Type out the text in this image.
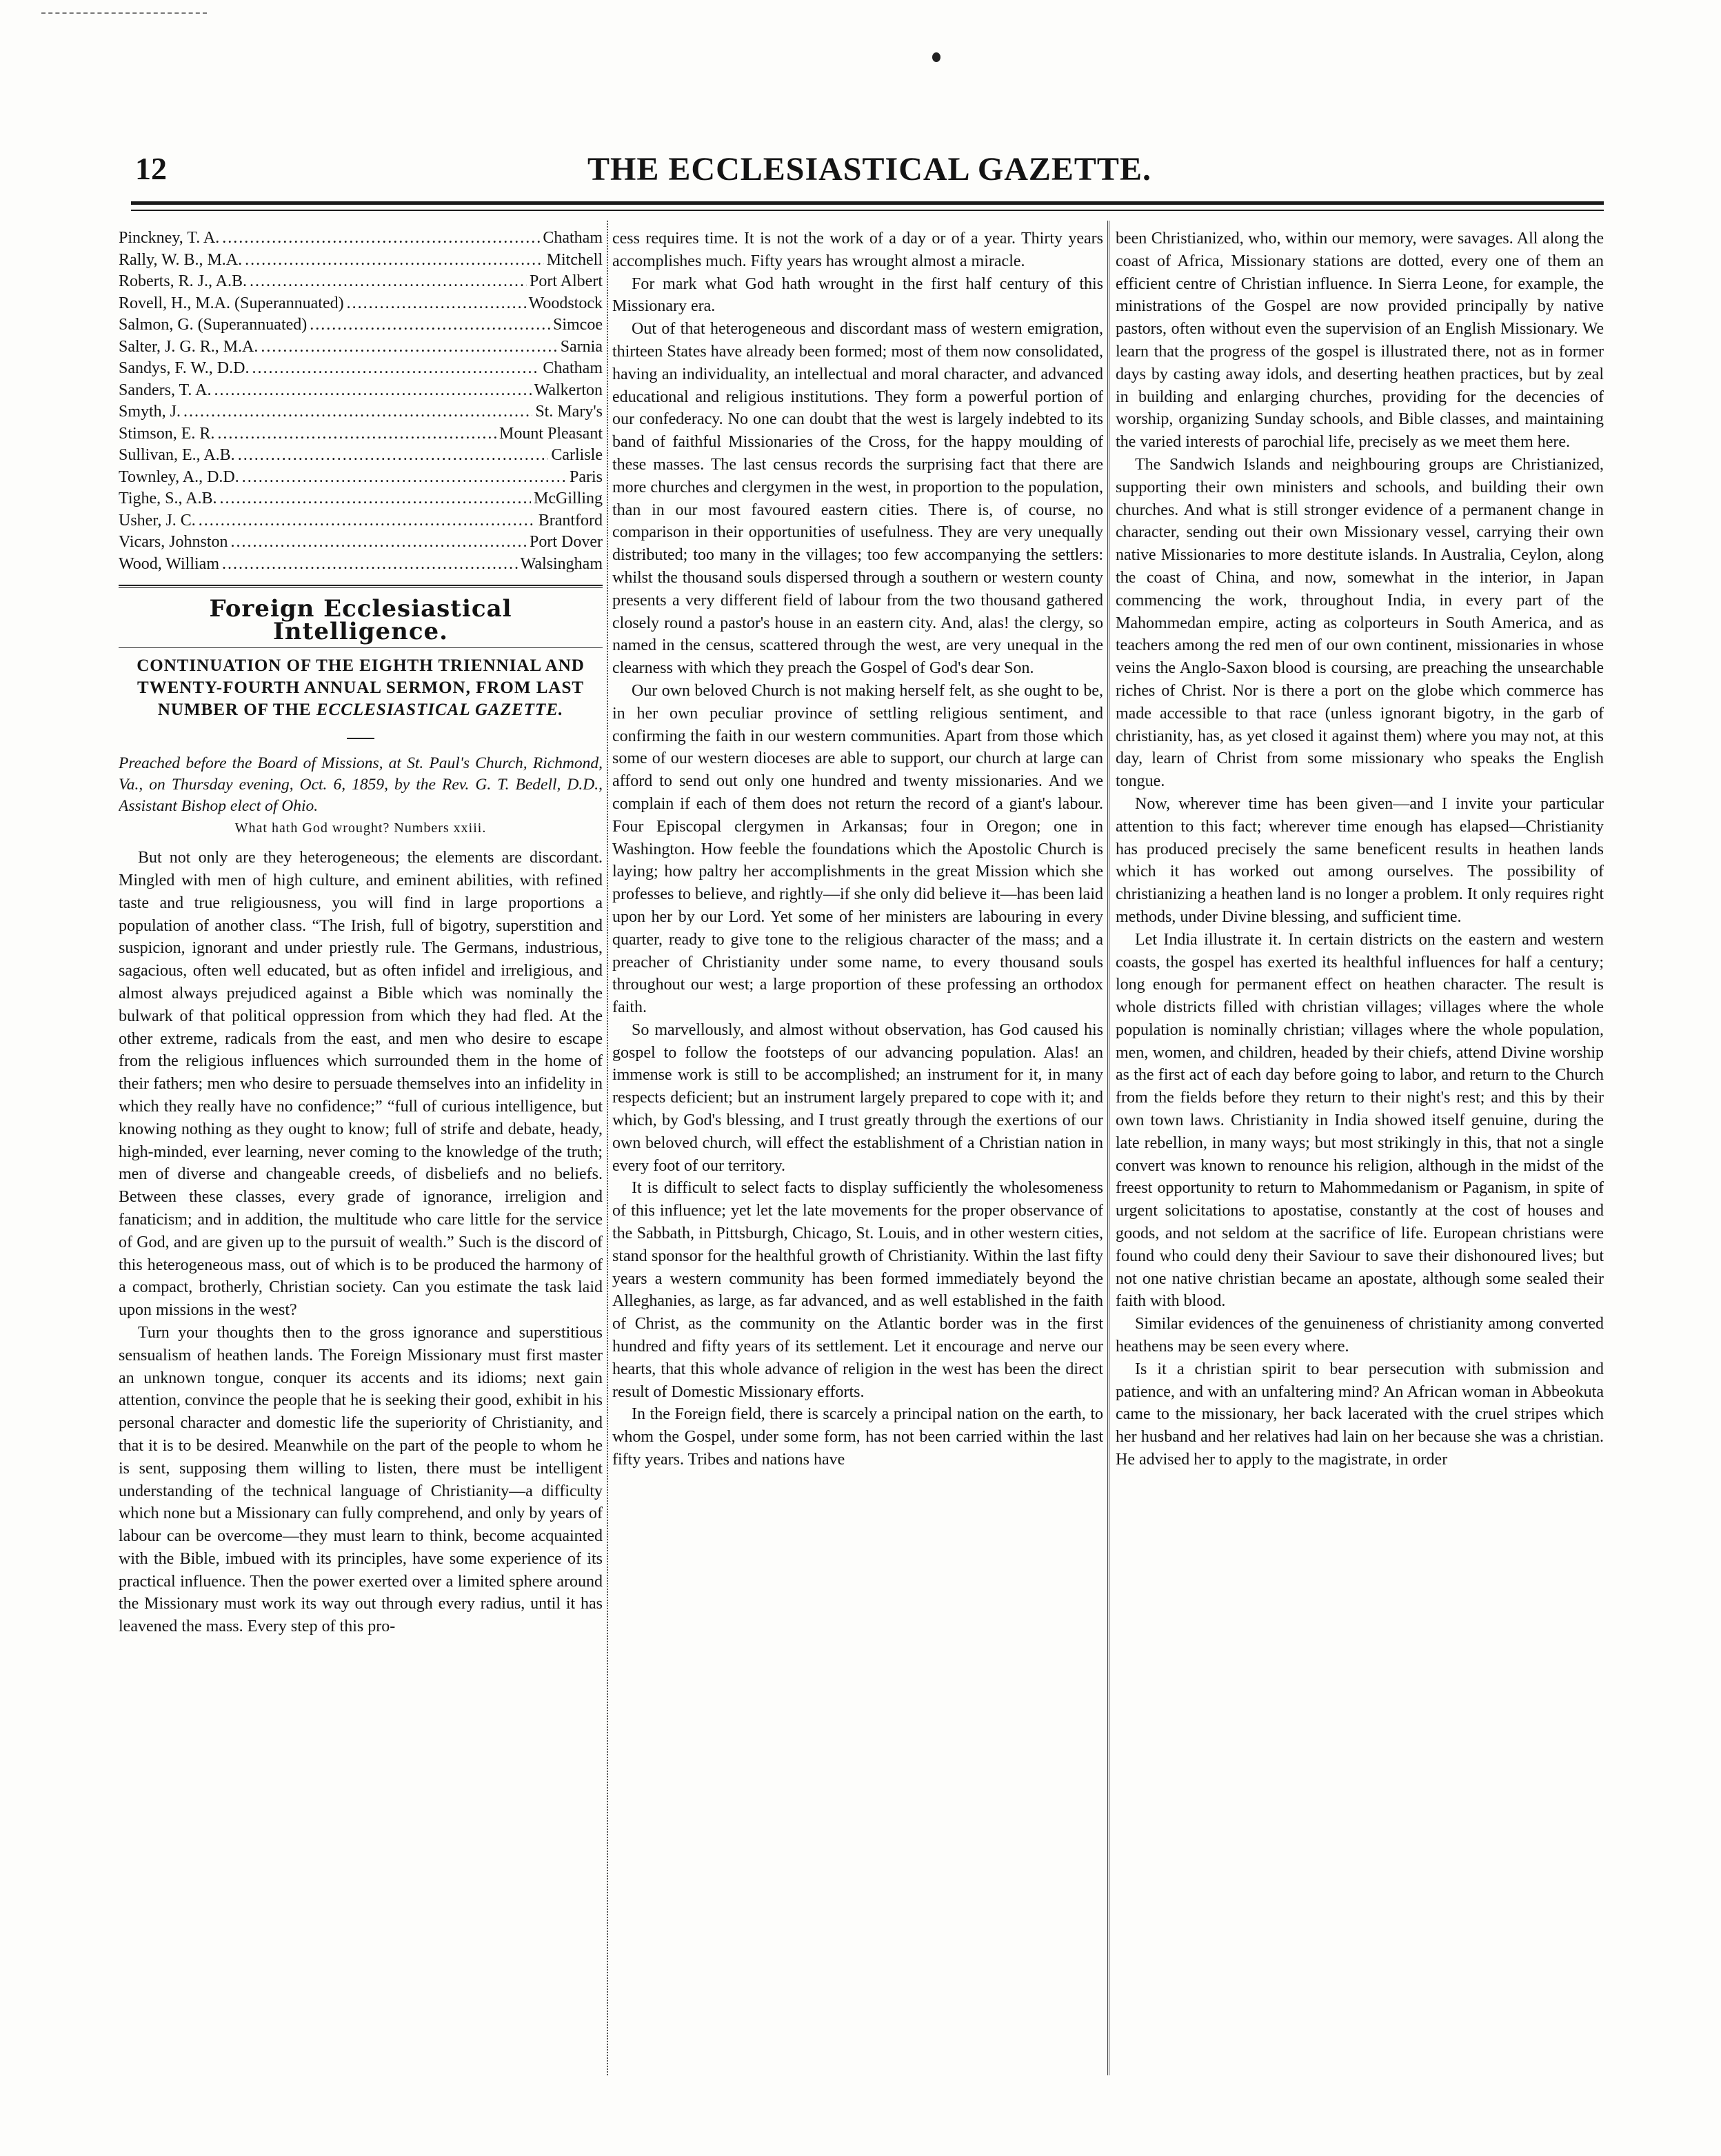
12	THE ECCLESIASTICAL GAZETTE.
Pinckney, T. A. .....	Chatham
Rally, W. B., M.A. .....	Mitchell
Roberts, R. J., A.B. .....	Port Albert
Rovell, H., M.A. (Superannuated) .....	Woodstock
Salmon, G. (Superannuated) .....	Simcoe
Salter, J. G. R., M.A. .....	Sarnia
Sandys, F. W., D.D. .....	Chatham
Sanders, T. A. .....	Walkerton
Smyth, J. .....	St. Mary's
Stimson, E. R. .....	Mount Pleasant
Sullivan, E., A.B. .....	Carlisle
Townley, A., D.D. .....	Paris
Tighe, S., A.B. .....	McGilling
Usher, J. C. .....	Brantford
Vicars, Johnston .....	Port Dover
Wood, William .....	Walsingham
Foreign Ecclesiastical Intelligence.
CONTINUATION OF THE EIGHTH TRIENNIAL AND TWENTY-FOURTH ANNUAL SERMON, FROM LAST NUMBER OF THE ECCLESIASTICAL GAZETTE.

Preached before the Board of Missions, at St. Paul's Church, Richmond, Va., on Thursday evening, Oct. 6, 1859, by the Rev. G. T. Bedell, D.D., Assistant Bishop elect of Ohio.

What hath God wrought? Numbers xxiii.

But not only are they heterogeneous; the elements are discordant. Mingled with men of high culture, and eminent abilities, with refined taste and true religiousness, you will find in large proportions a population of another class. “The Irish, full of bigotry, superstition and suspicion, ignorant and under priestly rule. The Germans, industrious, sagacious, often well educated, but as often infidel and irreligious, and almost always prejudiced against a Bible which was nominally the bulwark of that political oppression from which they had fled. At the other extreme, radicals from the east, and men who desire to escape from the religious influences which surrounded them in the home of their fathers; men who desire to persuade themselves into an infidelity in which they really have no confidence;” “full of curious intelligence, but knowing nothing as they ought to know; full of strife and debate, heady, high-minded, ever learning, never coming to the knowledge of the truth; men of diverse and changeable creeds, of disbeliefs and no beliefs. Between these classes, every grade of ignorance, irreligion and fanaticism; and in addition, the multitude who care little for the service of God, and are given up to the pursuit of wealth.” Such is the discord of this heterogeneous mass, out of which is to be produced the harmony of a compact, brotherly, Christian society. Can you estimate the task laid upon missions in the west?

Turn your thoughts then to the gross ignorance and superstitious sensualism of heathen lands. The Foreign Missionary must first master an unknown tongue, conquer its accents and its idioms; next gain attention, convince the people that he is seeking their good, exhibit in his personal character and domestic life the superiority of Christianity, and that it is to be desired. Meanwhile on the part of the people to whom he is sent, supposing them willing to listen, there must be intelligent understanding of the technical language of Christianity—a difficulty which none but a Missionary can fully comprehend, and only by years of labour can be overcome—they must learn to think, become acquainted with the Bible, imbued with its principles, have some experience of its practical influence. Then the power exerted over a limited sphere around the Missionary must work its way out through every radius, until it has leavened the mass. Every step of this pro-

cess requires time. It is not the work of a day or of a year. Thirty years accomplishes much. Fifty years has wrought almost a miracle.

For mark what God hath wrought in the first half century of this Missionary era.

Out of that heterogeneous and discordant mass of western emigration, thirteen States have already been formed; most of them now consolidated, having an individuality, an intellectual and moral character, and advanced educational and religious institutions. They form a powerful portion of our confederacy. No one can doubt that the west is largely indebted to its band of faithful Missionaries of the Cross, for the happy moulding of these masses. The last census records the surprising fact that there are more churches and clergymen in the west, in proportion to the population, than in our most favoured eastern cities. There is, of course, no comparison in their opportunities of usefulness. They are very unequally distributed; too many in the villages; too few accompanying the settlers: whilst the thousand souls dispersed through a southern or western county presents a very different field of labour from the two thousand gathered closely round a pastor's house in an eastern city. And, alas! the clergy, so named in the census, scattered through the west, are very unequal in the clearness with which they preach the Gospel of God's dear Son.

Our own beloved Church is not making herself felt, as she ought to be, in her own peculiar province of settling religious sentiment, and confirming the faith in our western communities. Apart from those which some of our western dioceses are able to support, our church at large can afford to send out only one hundred and twenty missionaries. And we complain if each of them does not return the record of a giant's labour. Four Episcopal clergymen in Arkansas; four in Oregon; one in Washington. How feeble the foundations which the Apostolic Church is laying; how paltry her accomplishments in the great Mission which she professes to believe, and rightly—if she only did believe it—has been laid upon her by our Lord. Yet some of her ministers are labouring in every quarter, ready to give tone to the religious character of the mass; and a preacher of Christianity under some name, to every thousand souls throughout our west; a large proportion of these professing an orthodox faith.

So marvellously, and almost without observation, has God caused his gospel to follow the footsteps of our advancing population. Alas! an immense work is still to be accomplished; an instrument for it, in many respects deficient; but an instrument largely prepared to cope with it; and which, by God's blessing, and I trust greatly through the exertions of our own beloved church, will effect the establishment of a Christian nation in every foot of our territory.

It is difficult to select facts to display sufficiently the wholesomeness of this influence; yet let the late movements for the proper observance of the Sabbath, in Pittsburgh, Chicago, St. Louis, and in other western cities, stand sponsor for the healthful growth of Christianity. Within the last fifty years a western community has been formed immediately beyond the Alleghanies, as large, as far advanced, and as well established in the faith of Christ, as the community on the Atlantic border was in the first hundred and fifty years of its settlement. Let it encourage and nerve our hearts, that this whole advance of religion in the west has been the direct result of Domestic Missionary efforts.

In the Foreign field, there is scarcely a principal nation on the earth, to whom the Gospel, under some form, has not been carried within the last fifty years. Tribes and nations have

been Christianized, who, within our memory, were savages. All along the coast of Africa, Missionary stations are dotted, every one of them an efficient centre of Christian influence. In Sierra Leone, for example, the ministrations of the Gospel are now provided principally by native pastors, often without even the supervision of an English Missionary. We learn that the progress of the gospel is illustrated there, not as in former days by casting away idols, and deserting heathen practices, but by zeal in building and enlarging churches, providing for the decencies of worship, organizing Sunday schools, and Bible classes, and maintaining the varied interests of parochial life, precisely as we meet them here.

The Sandwich Islands and neighbouring groups are Christianized, supporting their own ministers and schools, and building their own churches. And what is still stronger evidence of a permanent change in character, sending out their own Missionary vessel, carrying their own native Missionaries to more destitute islands. In Australia, Ceylon, along the coast of China, and now, somewhat in the interior, in Japan commencing the work, throughout India, in every part of the Mahommedan empire, acting as colporteurs in South America, and as teachers among the red men of our own continent, missionaries in whose veins the Anglo-Saxon blood is coursing, are preaching the unsearchable riches of Christ. Nor is there a port on the globe which commerce has made accessible to that race (unless ignorant bigotry, in the garb of christianity, has, as yet closed it against them) where you may not, at this day, learn of Christ from some missionary who speaks the English tongue.

Now, wherever time has been given—and I invite your particular attention to this fact; wherever time enough has elapsed—Christianity has produced precisely the same beneficent results in heathen lands which it has worked out among ourselves. The possibility of christianizing a heathen land is no longer a problem. It only requires right methods, under Divine blessing, and sufficient time.

Let India illustrate it. In certain districts on the eastern and western coasts, the gospel has exerted its healthful influences for half a century; long enough for permanent effect on heathen character. The result is whole districts filled with christian villages; villages where the whole population is nominally christian; villages where the whole population, men, women, and children, headed by their chiefs, attend Divine worship as the first act of each day before going to labor, and return to the Church from the fields before they return to their night's rest; and this by their own town laws. Christianity in India showed itself genuine, during the late rebellion, in many ways; but most strikingly in this, that not a single convert was known to renounce his religion, although in the midst of the freest opportunity to return to Mahommedanism or Paganism, in spite of urgent solicitations to apostatise, constantly at the cost of houses and goods, and not seldom at the sacrifice of life. European christians were found who could deny their Saviour to save their dishonoured lives; but not one native christian became an apostate, although some sealed their faith with blood.

Similar evidences of the genuineness of christianity among converted heathens may be seen every where.

Is it a christian spirit to bear persecution with submission and patience, and with an unfaltering mind? An African woman in Abbeokuta came to the missionary, her back lacerated with the cruel stripes which her husband and her relatives had lain on her because she was a christian. He advised her to apply to the magistrate, in order
